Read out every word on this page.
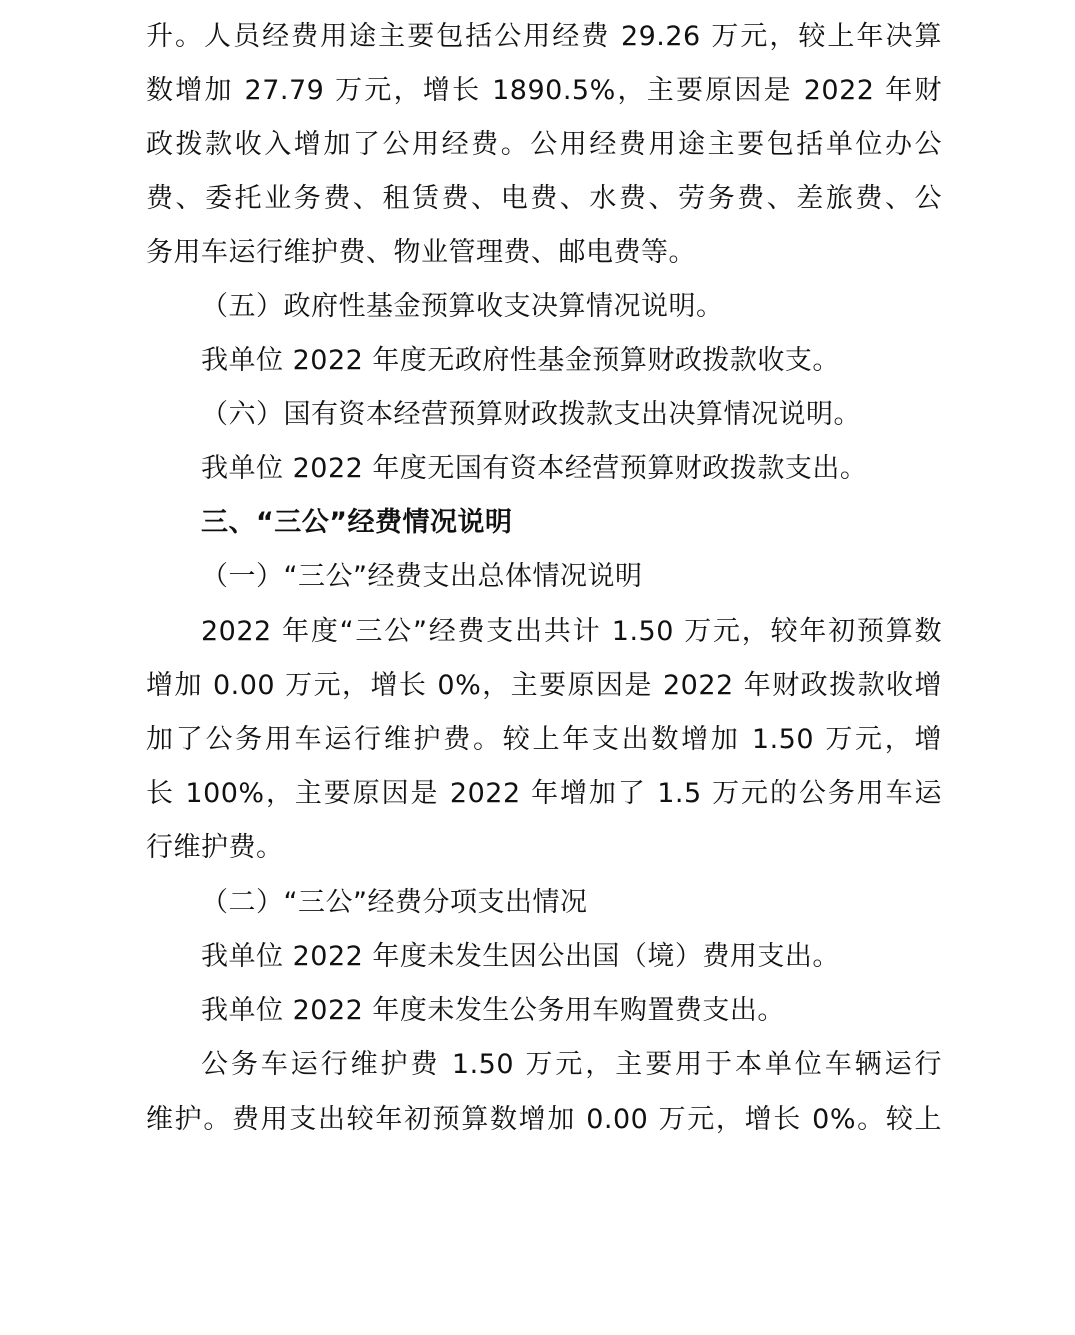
升。人员经费用途主要包括公用经费 29.26 万元，较上年决算
数增加 27.79 万元，增长 1890.5%，主要原因是 2022 年财
政拨款收入增加了公用经费。公用经费用途主要包括单位办公
费、委托业务费、租赁费、电费、水费、劳务费、差旅费、公
务用车运行维护费、物业管理费、邮电费等。
（五）政府性基金预算收支决算情况说明。
我单位 2022 年度无政府性基金预算财政拨款收支。
（六）国有资本经营预算财政拨款支出决算情况说明。
我单位 2022 年度无国有资本经营预算财政拨款支出。
三、“三公”经费情况说明
（一）“三公”经费支出总体情况说明
2022 年度“三公”经费支出共计 1.50 万元，较年初预算数
增加 0.00 万元，增长 0%，主要原因是 2022 年财政拨款收增
加了公务用车运行维护费。较上年支出数增加 1.50 万元，增
长 100%，主要原因是 2022 年增加了 1.5 万元的公务用车运
行维护费。
（二）“三公”经费分项支出情况
我单位 2022 年度未发生因公出国（境）费用支出。
我单位 2022 年度未发生公务用车购置费支出。
公务车运行维护费 1.50 万元，主要用于本单位车辆运行
维护。费用支出较年初预算数增加 0.00 万元，增长 0%。较上
